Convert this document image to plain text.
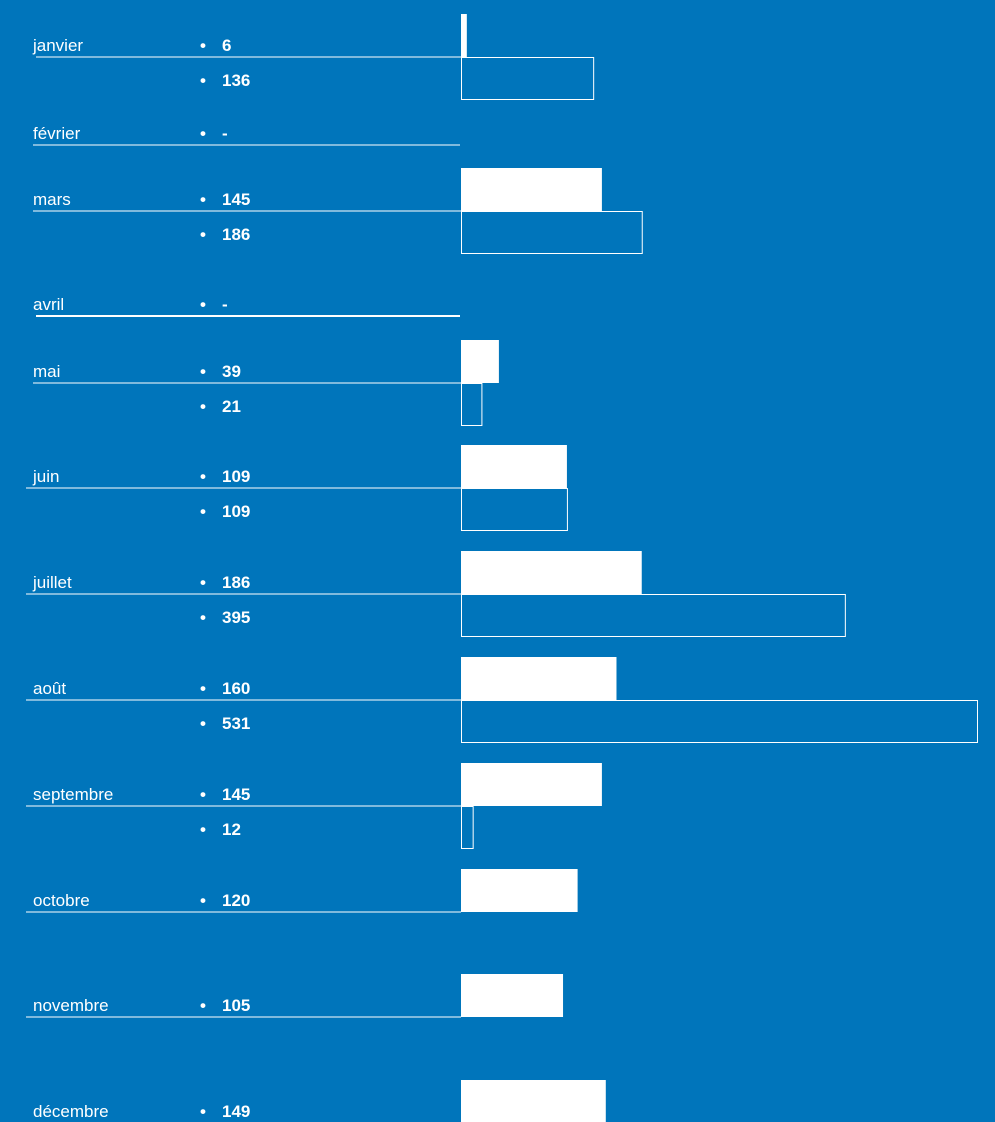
janvier	• 6
• 136
février	• -
mars	• 145
• 186
avril	• -
mai	• 39
• 21
juin	• 109
• 109
juillet	• 186
• 395
août	• 160
• 531
septembre	• 145
• 12
octobre	• 120
novembre	• 105
décembre	• 149
